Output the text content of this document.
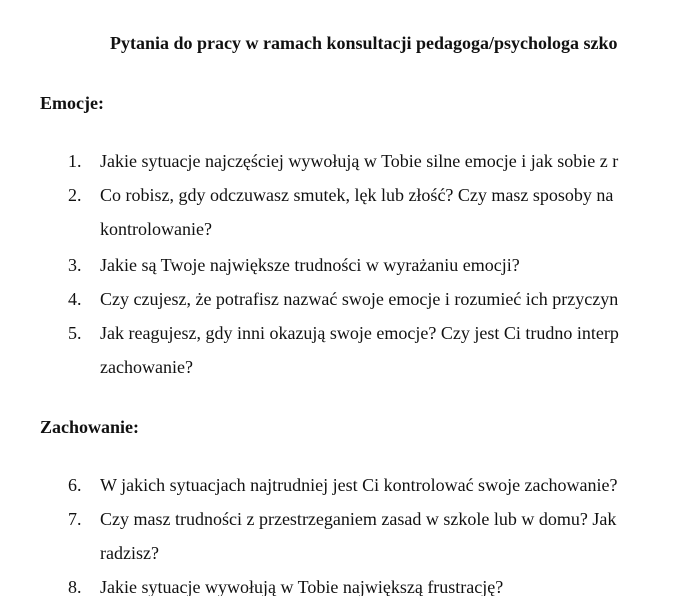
Pytania do pracy w ramach konsultacji pedagoga/psychologa szko
Emocje:
1. Jakie sytuacje najczęściej wywołują w Tobie silne emocje i jak sobie z r
2. Co robisz, gdy odczuwasz smutek, lęk lub złość? Czy masz sposoby na
kontrolowanie?
3. Jakie są Twoje największe trudności w wyrażaniu emocji?
4. Czy czujesz, że potrafisz nazwać swoje emocje i rozumieć ich przyczyn
5. Jak reagujesz, gdy inni okazują swoje emocje? Czy jest Ci trudno interp
zachowanie?
Zachowanie:
6. W jakich sytuacjach najtrudniej jest Ci kontrolować swoje zachowanie?
7. Czy masz trudności z przestrzeganiem zasad w szkole lub w domu? Jak
radzisz?
8. Jakie sytuacje wywołują w Tobie największą frustrację?
